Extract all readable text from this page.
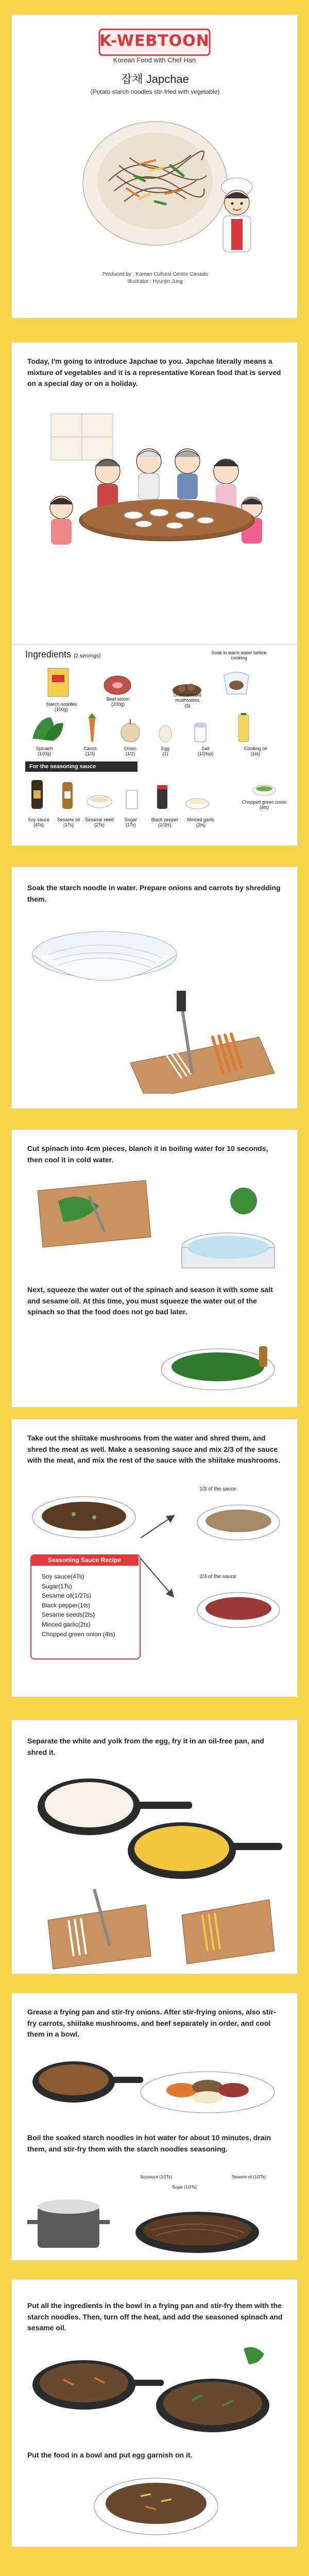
K-WEBTOON
Korean Food with Chef Han
잡채 Japchae
(Potato starch noodles stir-fried with vegetable)
Produced by : Korean Cultural Centre Canada
Illustrator : Hyunjin Jung
Today, I'm going to introduce Japchae to you. Japchae literally means a mixture of vegetables and it is a representative Korean food that is served on a special day or on a holiday.
Ingredients (2 servings)
Soak in warm water before cooking
Starch noodles
(100g)
Beef sirloin
(200g)
Dried shiitake mushrooms
(3)
Spinach
(100g)
Carrot
(1/3)
Onion
(1/2)
Egg
(1)
Salt
(1/2tsp)
Cooking oil
(1ts)
For the seasoning sauce
Soy sauce
(4Ts)
Sesame oil
(1Ts)
Sesame seed
(2Ts)
Sugar
(1Ts)
Black pepper
(1/2ts)
Minced garlic
(2ts)
Chopped green onion
(4ts)
Soak the starch noodle in water. Prepare onions and carrots by shredding them.
Cut spinach into 4cm pieces, blanch it in boiling water for 10 seconds, then cool it in cold water.
Next, squeeze the water out of the spinach and season it with some salt and sesame oil. At this time, you must squeeze the water out of the spinach so that the food does not go bad later.
Take out the shiitake mushrooms from the water and shred them, and shred the meat as well. Make a seasoning sauce and mix 2/3 of the sauce with the meat, and mix the rest of the sauce with the shiitake mushrooms.
Seasoning Sauce Recipe
Soy sauce(4Ts)
Sugar(1Ts)
Sesame oil(1/2Ts)
Black pepper(1ts)
Sesame seeds(2ts)
Minced garlic(2ts)
Chopped green onion (4ts)
1/3 of the sauce
2/3 of the sauce
Separate the white and yolk from the egg, fry it in an oil-free pan, and shred it.
Grease a frying pan and stir-fry onions. After stir-frying onions, also stir-fry carrots, shiitake mushrooms, and beef separately in order, and cool them in a bowl.
Boil the soaked starch noodles in hot water for about 10 minutes, drain them, and stir-fry them with the starch noodles seasoning.
Soysauce (1/2Ts)
Sugar (1/2Ts)
Sesame oil (1/2Ts)
Put all the ingredients in the bowl in a frying pan and stir-fry them with the starch noodles. Then, turn off the heat, and add the seasoned spinach and sesame oil.
Put the food in a bowl and put egg garnish on it.
